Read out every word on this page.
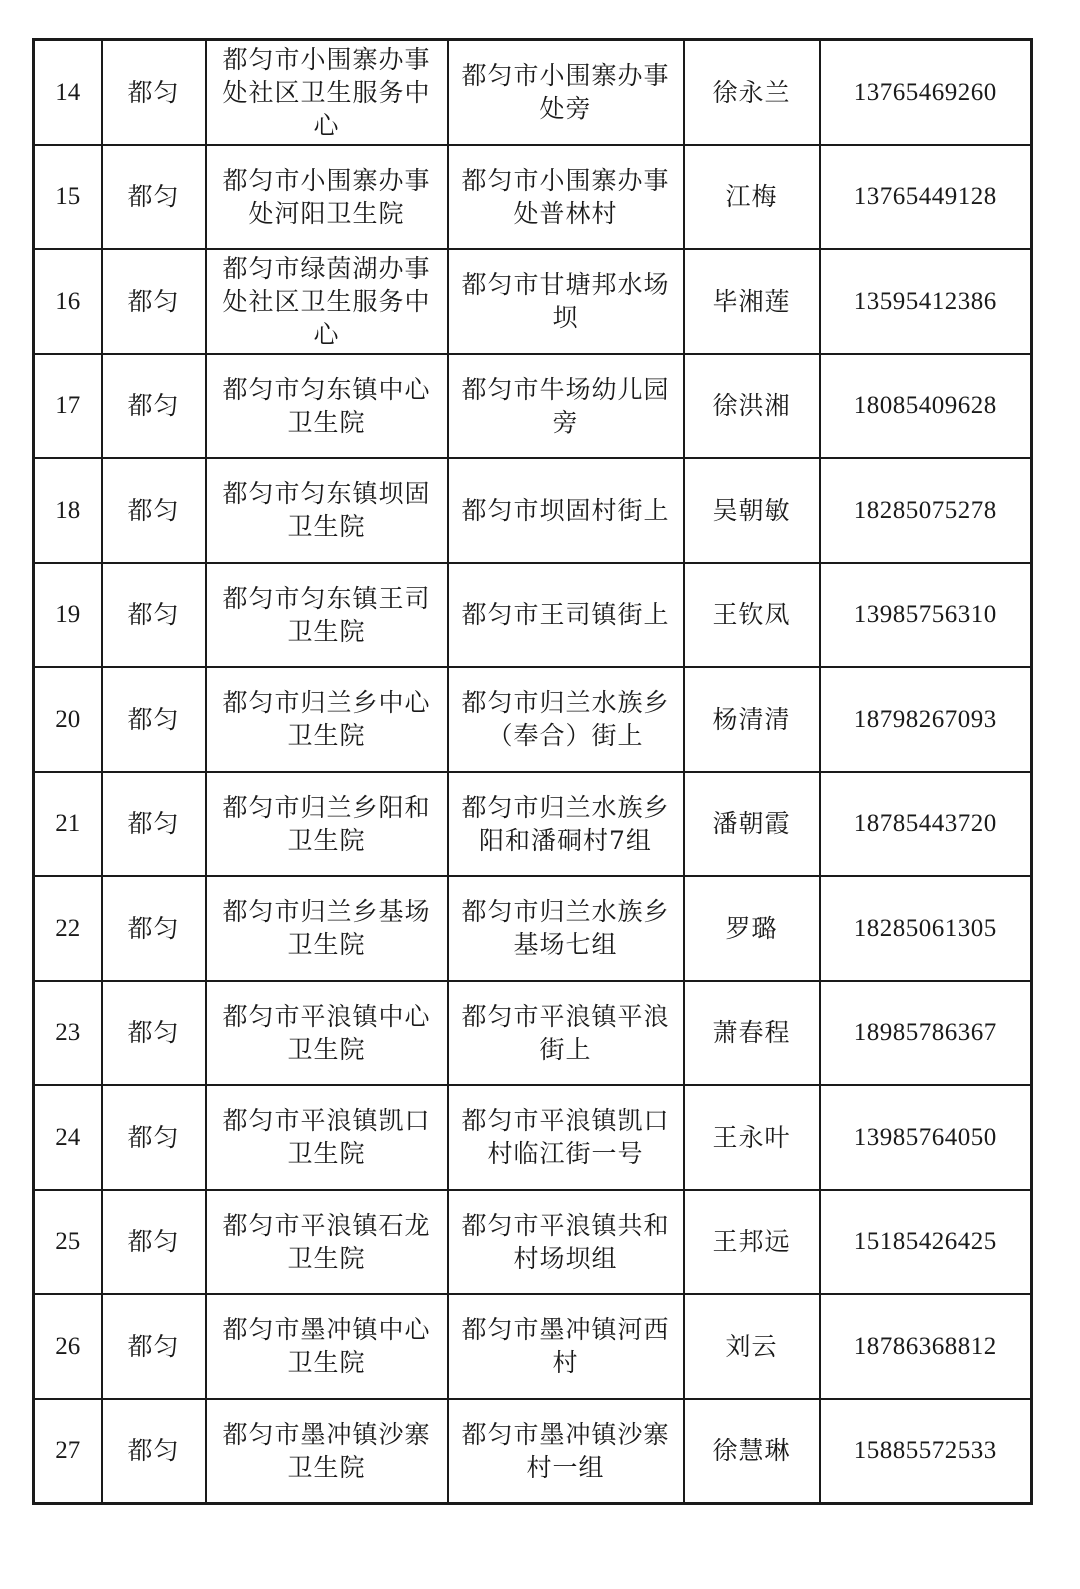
14	都匀	都匀市小围寨办事处社区卫生服务中心	都匀市小围寨办事处旁	徐永兰	13765469260
15	都匀	都匀市小围寨办事处河阳卫生院	都匀市小围寨办事处普林村	江梅	13765449128
16	都匀	都匀市绿茵湖办事处社区卫生服务中心	都匀市甘塘邦水场坝	毕湘莲	13595412386
17	都匀	都匀市匀东镇中心卫生院	都匀市牛场幼儿园旁	徐洪湘	18085409628
18	都匀	都匀市匀东镇坝固卫生院	都匀市坝固村街上	吴朝敏	18285075278
19	都匀	都匀市匀东镇王司卫生院	都匀市王司镇街上	王钦凤	13985756310
20	都匀	都匀市归兰乡中心卫生院	都匀市归兰水族乡（奉合）街上	杨清清	18798267093
21	都匀	都匀市归兰乡阳和卫生院	都匀市归兰水族乡阳和潘硐村7组	潘朝霞	18785443720
22	都匀	都匀市归兰乡基场卫生院	都匀市归兰水族乡基场七组	罗璐	18285061305
23	都匀	都匀市平浪镇中心卫生院	都匀市平浪镇平浪街上	萧春程	18985786367
24	都匀	都匀市平浪镇凯口卫生院	都匀市平浪镇凯口村临江街一号	王永叶	13985764050
25	都匀	都匀市平浪镇石龙卫生院	都匀市平浪镇共和村场坝组	王邦远	15185426425
26	都匀	都匀市墨冲镇中心卫生院	都匀市墨冲镇河西村	刘云	18786368812
27	都匀	都匀市墨冲镇沙寨卫生院	都匀市墨冲镇沙寨村一组	徐慧琳	15885572533
